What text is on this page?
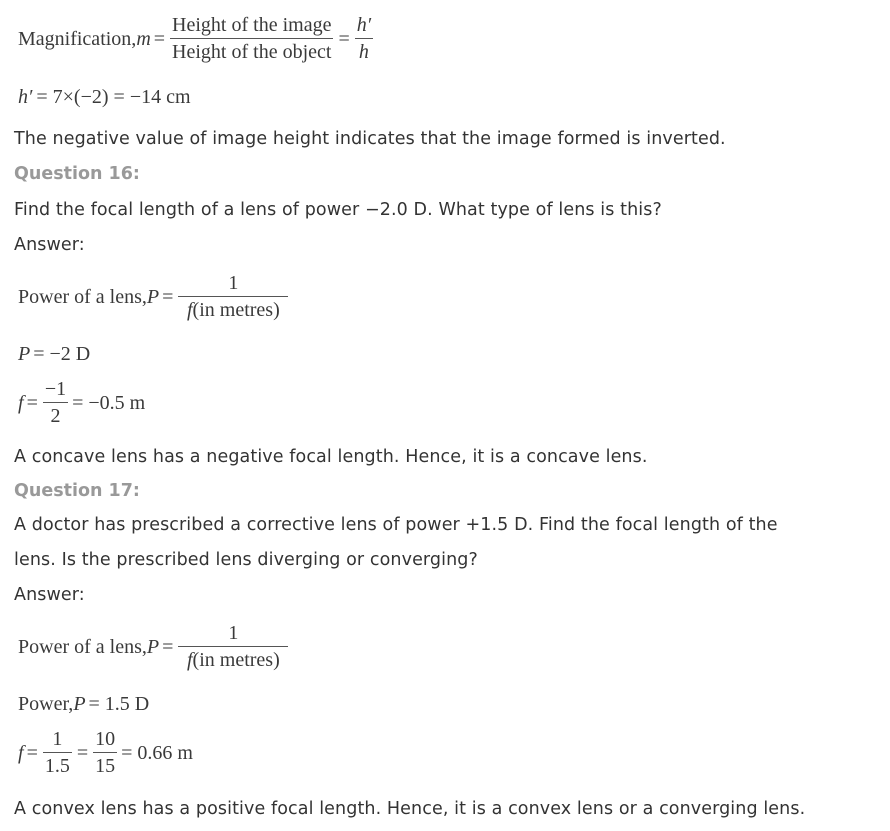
Magnification, $m = \frac{\text{Height of the image}}{\text{Height of the object}} = \frac{h'}{h}$
h′ = 7×(−2) = −14 cm
The negative value of image height indicates that the image formed is inverted.
Question 16:
Find the focal length of a lens of power −2.0 D. What type of lens is this?
Answer:
Power of a lens, $P = \frac{1}{\text{f(in metres)}}$
P = −2 D
$f = \frac{-1}{2} = -0.5$ m
A concave lens has a negative focal length. Hence, it is a concave lens.
Question 17:
A doctor has prescribed a corrective lens of power +1.5 D. Find the focal length of the
lens. Is the prescribed lens diverging or converging?
Answer:
Power of a lens, $P = \frac{1}{\text{f(in metres)}}$
Power, P = 1.5 D
$f = \frac{1}{1.5} = \frac{10}{15} = 0.66$ m
A convex lens has a positive focal length. Hence, it is a convex lens or a converging lens.
